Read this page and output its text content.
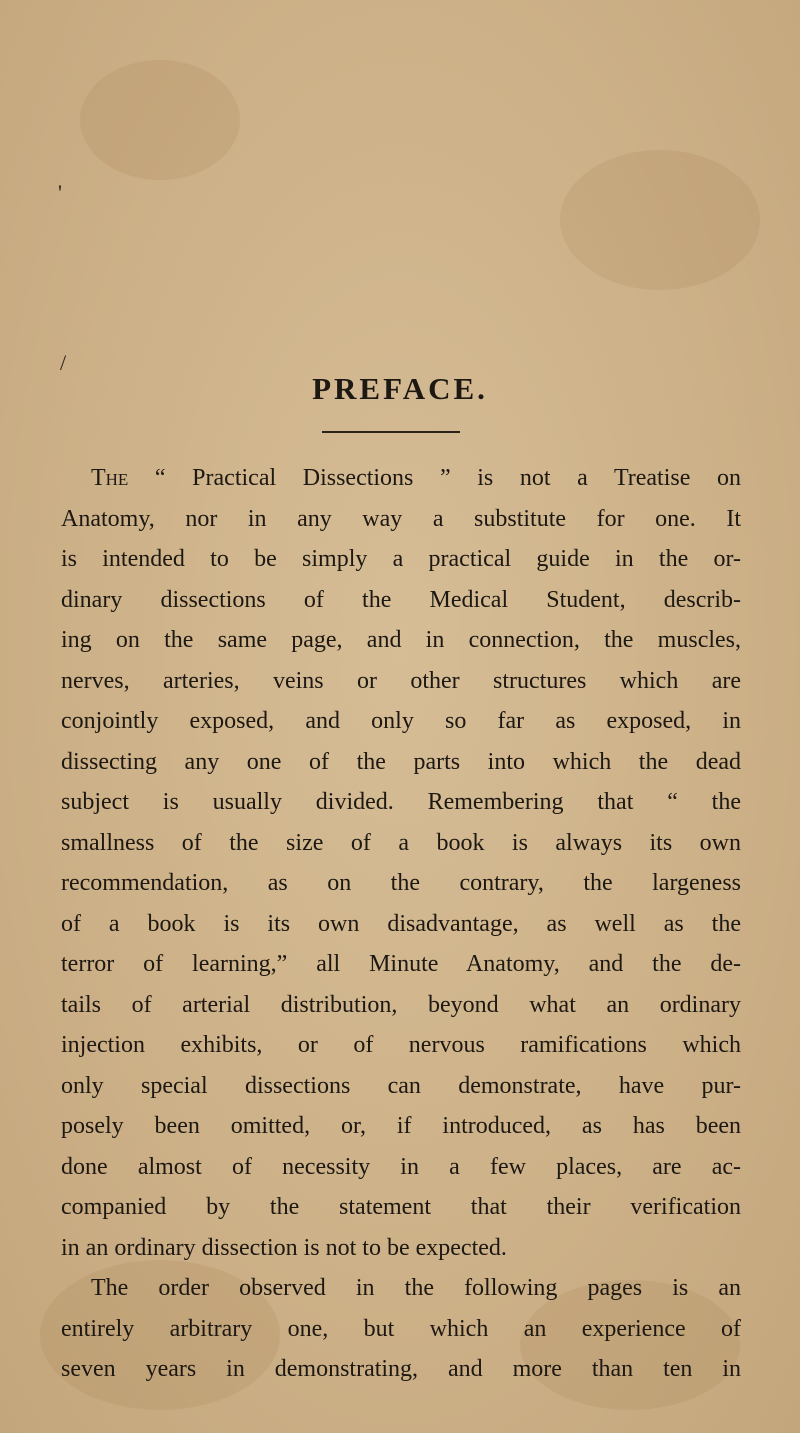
'
/
PREFACE.
The “ Practical Dissections ” is not a Treatise on
Anatomy, nor in any way a substitute for one. It
is intended to be simply a practical guide in the or-
dinary dissections of the Medical Student, describ-
ing on the same page, and in connection, the muscles,
nerves, arteries, veins or other structures which are
conjointly exposed, and only so far as exposed, in
dissecting any one of the parts into which the dead
subject is usually divided. Remembering that “ the
smallness of the size of a book is always its own
recommendation, as on the contrary, the largeness
of a book is its own disadvantage, as well as the
terror of learning,” all Minute Anatomy, and the de-
tails of arterial distribution, beyond what an ordinary
injection exhibits, or of nervous ramifications which
only special dissections can demonstrate, have pur-
posely been omitted, or, if introduced, as has been
done almost of necessity in a few places, are ac-
companied by the statement that their verification
in an ordinary dissection is not to be expected.
The order observed in the following pages is an
entirely arbitrary one, but which an experience of
seven years in demonstrating, and more than ten in
